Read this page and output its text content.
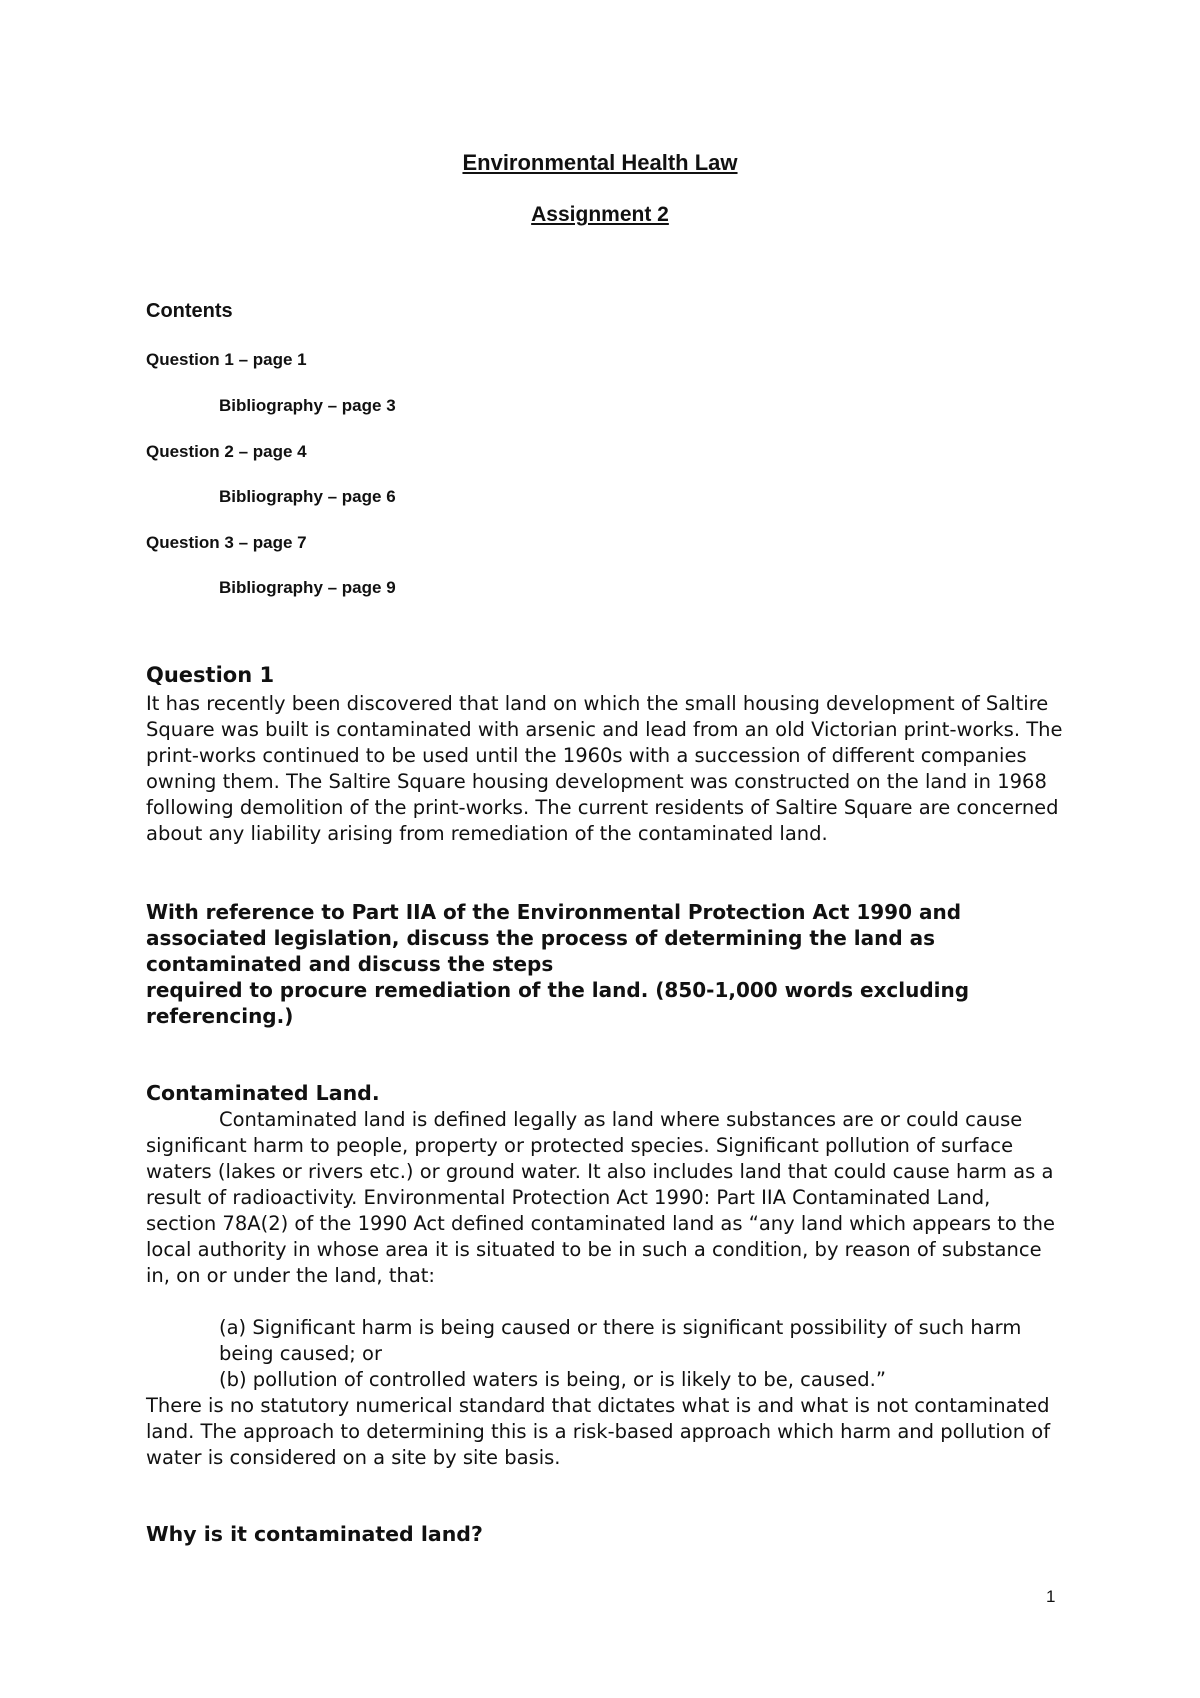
Environmental Health Law
Assignment 2
Contents
Question 1 – page 1
Bibliography – page 3
Question 2 – page 4
Bibliography – page 6
Question 3 – page 7
Bibliography – page 9
Question 1
It has recently been discovered that land on which the small housing development of Saltire Square was built is contaminated with arsenic and lead from an old Victorian print-works. The print-works continued to be used until the 1960s with a succession of different companies owning them. The Saltire Square housing development was constructed on the land in 1968 following demolition of the print-works. The current residents of Saltire Square are concerned about any liability arising from remediation of the contaminated land.
With reference to Part IIA of the Environmental Protection Act 1990 and associated legislation, discuss the process of determining the land as contaminated and discuss the steps
required to procure remediation of the land. (850-1,000 words excluding referencing.)
Contaminated Land.
Contaminated land is defined legally as land where substances are or could cause significant harm to people, property or protected species. Significant pollution of surface waters (lakes or rivers etc.) or ground water. It also includes land that could cause harm as a result of radioactivity. Environmental Protection Act 1990: Part IIA Contaminated Land, section 78A(2) of the 1990 Act defined contaminated land as “any land which appears to the local authority in whose area it is situated to be in such a condition, by reason of substance in, on or under the land, that:
(a) Significant harm is being caused or there is significant possibility of such harm being caused; or
(b) pollution of controlled waters is being, or is likely to be, caused.”
There is no statutory numerical standard that dictates what is and what is not contaminated land. The approach to determining this is a risk-based approach which harm and pollution of water is considered on a site by site basis.
Why is it contaminated land?
1
